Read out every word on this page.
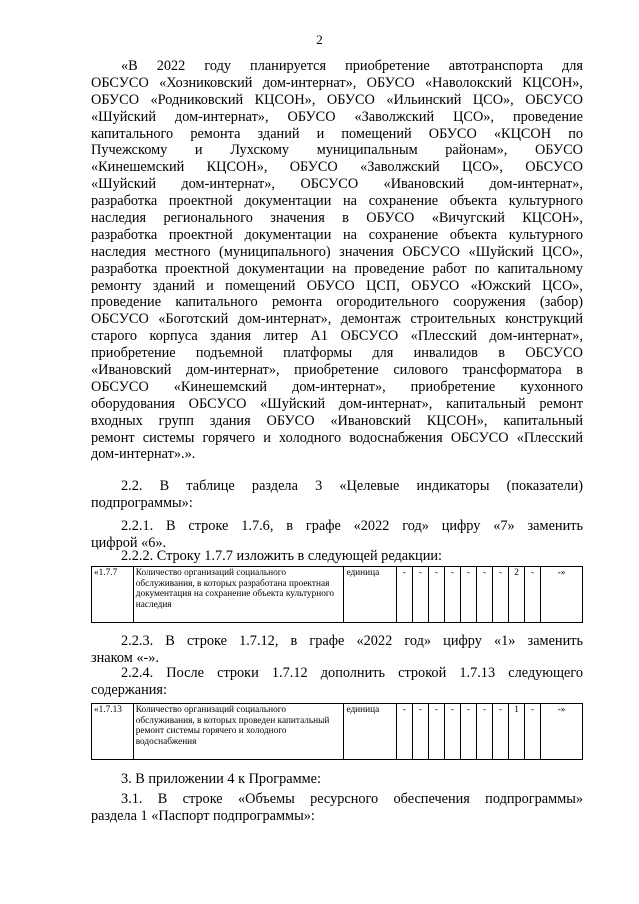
2
«В 2022 году планируется приобретение автотранспорта для
ОБСУСО «Хозниковский дом-интернат», ОБУСО «Наволокский КЦСОН»,
ОБУСО «Родниковский КЦСОН», ОБУСО «Ильинский ЦСО», ОБСУСО
«Шуйский дом-интернат», ОБУСО «Заволжский ЦСО», проведение
капитального ремонта зданий и помещений ОБУСО «КЦСОН по
Пучежскому и Лухскому муниципальным районам», ОБУСО
«Кинешемский КЦСОН», ОБУСО «Заволжский ЦСО», ОБСУСО
«Шуйский дом-интернат», ОБСУСО «Ивановский дом-интернат»,
разработка проектной документации на сохранение объекта культурного
наследия регионального значения в ОБУСО «Вичугский КЦСОН»,
разработка проектной документации на сохранение объекта культурного
наследия местного (муниципального) значения ОБСУСО «Шуйский ЦСО»,
разработка проектной документации на проведение работ по капитальному
ремонту зданий и помещений ОБУСО ЦСП, ОБУСО «Южский ЦСО»,
проведение капитального ремонта огородительного сооружения (забор)
ОБСУСО «Боготский дом-интернат», демонтаж строительных конструкций
старого корпуса здания литер А1 ОБСУСО «Плесский дом-интернат»,
приобретение подъемной платформы для инвалидов в ОБСУСО
«Ивановский дом-интернат», приобретение силового трансформатора в
ОБСУСО «Кинешемский дом-интернат», приобретение кухонного
оборудования ОБСУСО «Шуйский дом-интернат», капитальный ремонт
входных групп здания ОБУСО «Ивановский КЦСОН», капитальный
ремонт системы горячего и холодного водоснабжения ОБСУСО «Плесский
дом-интернат».».
2.2. В таблице раздела 3 «Целевые индикаторы (показатели)
подпрограммы»:
2.2.1. В строке 1.7.6, в графе «2022 год» цифру «7» заменить
цифрой «6».
2.2.2. Строку 1.7.7 изложить в следующей редакции:
«1.7.7	Количество организаций социального обслуживания, в которых разработана проектная документация на сохранение объекта культурного наследия	единица	-	-	-	-	-	-	-	2	-	-»
2.2.3. В строке 1.7.12, в графе «2022 год» цифру «1» заменить
знаком «-».
2.2.4. После строки 1.7.12 дополнить строкой 1.7.13 следующего
содержания:
«1.7.13	Количество организаций социального обслуживания, в которых проведен капитальный ремонт системы горячего и холодного водоснабжения	единица	-	-	-	-	-	-	-	1	-	-»
3. В приложении 4 к Программе:
3.1. В строке «Объемы ресурсного обеспечения подпрограммы»
раздела 1 «Паспорт подпрограммы»:
